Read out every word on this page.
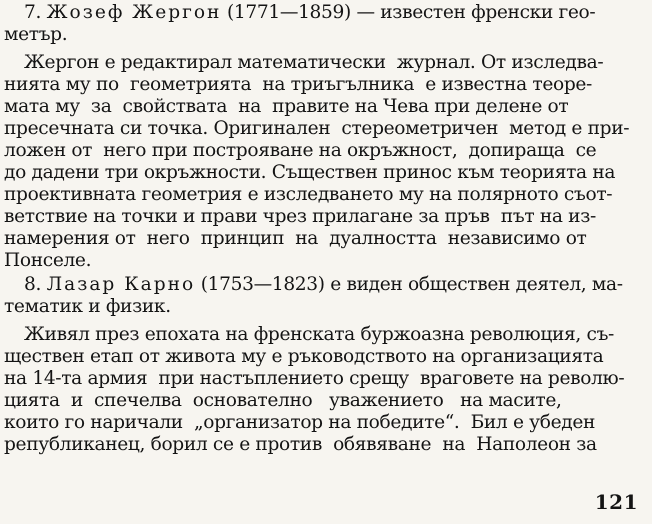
7. Жозеф Жергон (1771—1859) — известен френски гео-
метър.
Жергон е редактирал математически  журнал. От изследва-
нията му по  геометрията  на триъгълника  е известна теоре-
мата му  за  свойствата  на  правите на Чева при делене от
пресечната си точка. Оригинален  стереометричен  метод е при-
ложен от  него при построяване на окръжност,  допираща  се
до дадени три окръжности. Съществен принос към теорията на
проективната геометрия е изследването му на полярното съот-
ветствие на точки и прави чрез прилагане за пръв  път на из-
намерения от  него  принцип  на  дуалността  независимо от
Понселе.
8. Лазар Карно (1753—1823) е виден обществен деятел, ма-
тематик и физик.
Живял през епохата на френската буржоазна революция, съ-
ществен етап от живота му е ръководството на организацията
на 14-та армия  при настъплението срещу  враговете на револю-
цията  и  спечелва  основателно   уважението   на масите,
които го наричали  „организатор на победите“.  Бил е убеден
републиканец, борил се е против  обявяване  на  Наполеон за
121
